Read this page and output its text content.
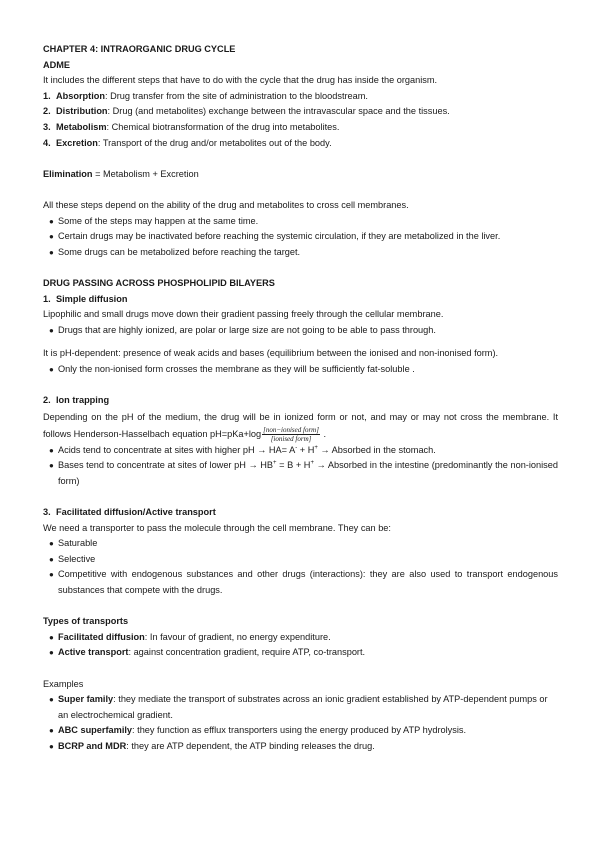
CHAPTER 4: INTRAORGANIC DRUG CYCLE

ADME

It includes the different steps that have to do with the cycle that the drug has inside the organism.

1. Absorption: Drug transfer from the site of administration to the bloodstream.
2. Distribution: Drug (and metabolites) exchange between the intravascular space and the tissues.
3. Metabolism: Chemical biotransformation of the drug into metabolites.
4. Excretion: Transport of the drug and/or metabolites out of the body.

Elimination = Metabolism + Excretion

All these steps depend on the ability of the drug and metabolites to cross cell membranes.

● Some of the steps may happen at the same time.
● Certain drugs may be inactivated before reaching the systemic circulation, if they are metabolized in the liver.
● Some drugs can be metabolized before reaching the target.

DRUG PASSING ACROSS PHOSPHOLIPID BILAYERS

1. Simple diffusion

Lipophilic and small drugs move down their gradient passing freely through the cellular membrane.

● Drugs that are highly ionized, are polar or large size are not going to be able to pass through.

It is pH-dependent: presence of weak acids and bases (equilibrium between the ionised and non-inonised form).

● Only the non-ionised form crosses the membrane as they will be sufficiently fat-soluble .
2. Ion trapping

Depending on the pH of the medium, the drug will be in ionized form or not, and may or may not cross the membrane. It follows Henderson-Hasselbach equation $pH=pKa+\log \frac{\text{[non−ionised form]}}{\text{[ionised form]}}$ .

● Acids tend to concentrate at sites with higher pH → HA= A- + H+ → Absorbed in the stomach.
● Bases tend to concentrate at sites of lower pH → HB+ = B + H+ → Absorbed in the intestine (predominantly the non-ionised form)
3. Facilitated diffusion/Active transport

We need a transporter to pass the molecule through the cell membrane. They can be:

● Saturable
● Selective
● Competitive with endogenous substances and other drugs (interactions): they are also used to transport endogenous substances that compete with the drugs.

Types of transports

● Facilitated diffusion: In favour of gradient, no energy expenditure.
● Active transport: against concentration gradient, require ATP, co-transport.

Examples

● Super family: they mediate the transport of substrates across an ionic gradient established by ATP-dependent pumps or an electrochemical gradient.
● ABC superfamily: they function as efflux transporters using the energy produced by ATP hydrolysis.
● BCRP and MDR: they are ATP dependent, the ATP binding releases the drug.
